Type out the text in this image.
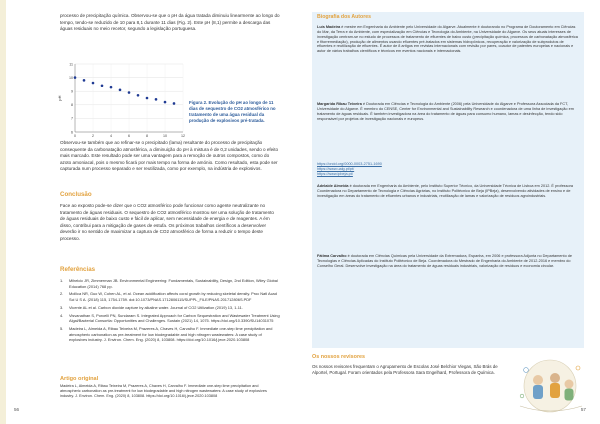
processo de precipitação química. Observou-se que o pH da água tratada diminuiu linearmente ao longo do tempo, tendo-se reduzido de 10 para 8,1 durante 11 dias (Fig. 2). Este pH (8,1) permite a descarga das águas residuais no meio recetor, segundo a legislação portuguesa.

6
7
8
9
10
11
0	2	4	6	8	10	12
pH

Figura 2. Evolução do pH ao longo de 11 dias de sequestro de CO2 atmosférico no tratamento de uma água residual da produção de explosivos pré-tratada.

Observou-se também que ao refinar-se o precipitado (lama) resultante do processo de precipitação consequente da carbonatação atmosférica, a diminuição do pH à mistura é de 0,2 unidades, sendo o efeito mais marcado. Este resultado pode ser uma vantagem para a remoção de outros compostos, como do azoto amoniacal, pois o mesmo ficará por mais tempo na forma de amónio. Como resultado, esta pode ser capturada num processo separado e ser reutilizada, como por exemplo, na indústria de explosivos.

Conclusão

Face ao exposto pode-se dizer que o CO2 atmosférico pode funcionar como agente neutralizante no tratamento de águas residuais. O sequestro de CO2 atmosférico mostrou ser uma solução de tratamento de águas residuais de baixo custo e fácil de aplicar, sem necessidade de energia e de reagentes. A ém disso, contribui para a mitigação de gases de estufa. Os próximos trabalhos científicos a desenvolver deverão ir no sentido de maximizar a captura de CO2 atmosférico de forma a reduzir o tempo deste processo.

Referências
1. Mihelcic JR, Zimmerman JB. Environmental Engineering: Fundamentals, Sustainability, Design, 2nd Edition, Wiley Global Education (2014) 768 pp.
2. Mollica NR, Guo W, Cohen AL, et al. Ocean acidification affects coral growth by reducing skeletal density. Proc Natl Acad Sci U S A. (2018) 115, 1754-1759. doi:10.1073/PNAS.1712806115/SUPPL_FILE/PNAS.201712806S.PDF
3. Vicente AL et al. Carbon dioxide capture by alkaline water. Journal of CO2 Utilization (2019) 13, 1-11.
4. Visvanathan S, Porcelli PN, Sundaram S. Integrated Approach for Carbon Sequestration and Wastewater Treatment Using Algal/Bacterial Consortia: Opportunities and Challenges. Sustain (2021) 14, 1075. https://doi.org/10.3390/SU14031075
5. Madeira L, Almeida A, Ribau Teixeira M, Prazeres A, Chaves H, Carvalho F. Immediate one-step lime precipitation and atmospheric carbonation as pre-treatment for low biodegradable and high nitrogen wastewaters: A case study of explosives industry. J. Environ. Chem. Eng. (2020) 8, 103808. https://doi.org/10.1016/j.jece.2020.103808
Artigo original

Madeira L, Almeida A, Ribau Teixeira M, Prazeres A, Chaves H, Carvalho F. Immediate one-step lime precipitation and atmospheric carbonation as pre-treatment for low biodegradable and high nitrogen wastewaters: A case study of explosives industry. J. Environ. Chem. Eng. (2020) 8, 103808. https://doi.org/10.1016/j.jece.2020.103808

56
Biografia dos Autores

Luís Madeira é mestre em Engenharia do Ambiente pelo Universidade do Algarve. Atualmente é doutorando no Programa de Doutoramento em Ciências do Mar, da Terra e do Ambiente, com especialização em Ciências e Tecnologia do Ambiente, na Universidade do Algarve. Os seus atuais interesses de investigação centram-se no estudo de processos de tratamento de efluentes de baixo custo (precipitação química, processos de carbonatação atmosférica e fitorremediação), produção de alimentos usando efluentes pré-tratados em sistemas hidropônicos, recuperação e valorização de subprodutos de efluentes e reutilização de efluentes. É autor de 8 artigos em revistas internacionais com revisão por pares, coautor de patentes europeias e nacionais e autor de vários trabalhos científicos e técnicos em eventos nacionais e internacionais.

Margarida Ribau Teixeira é Doutorada em Ciências e Tecnologia do Ambiente (2006) pela Universidade do Algarve e Professora Associada da FCT, Universidade do Algarve. É membro do CENSE, Center for Environmental and Sustainability Research e coordenadora de uma linha de investigação em tratamento de águas residuais. É também investigadora na área do tratamento de águas para consumo humano, lamas e desinfecção, tendo sido responsável por projetos de investigação nacionais e europeus.

https://orcid.org/0000-0003-2751-1690

https://www.ualg.pt/pt/

https://www.ipbeja.pt/

Adelaide Almeida é doutorada em Engenharia do Ambiente, pelo Instituto Superior Técnico, da Universidade Técnica de Lisboa em 2012. É professora Coordenadora no Departamento de Tecnologia e Ciências Agrárias, no Instituto Politécnico de Beja (IPBeja), desenvolvendo atividades de ensino e de investigação em áreas do tratamento de efluentes urbanos e industriais, reutilização de lamas e valorização de resíduos agroindustriais.

Fátima Carvalho é doutorada em Ciências Químicas pela Universidade da Extremadura, Espanha, em 2006 e professora Adjunta no Departamento de Tecnologias e Ciências Aplicadas do Instituto Politécnico de Beja. Coordenadora do Mestrado de Engenharia do Ambiente de 2012-2016 e membro do Conselho Geral. Desenvolve investigação na área do tratamento de águas residuais industriais, valorização de resíduos e economia circular.

Os nossos revisores

Os nossos revisores frequentam o Agrupamento de Escolas José Belchior Viegas, São Brás de Alportel, Portugal. Foram orientados pela Professora Sara Engelhard, Professora de Química.

57
